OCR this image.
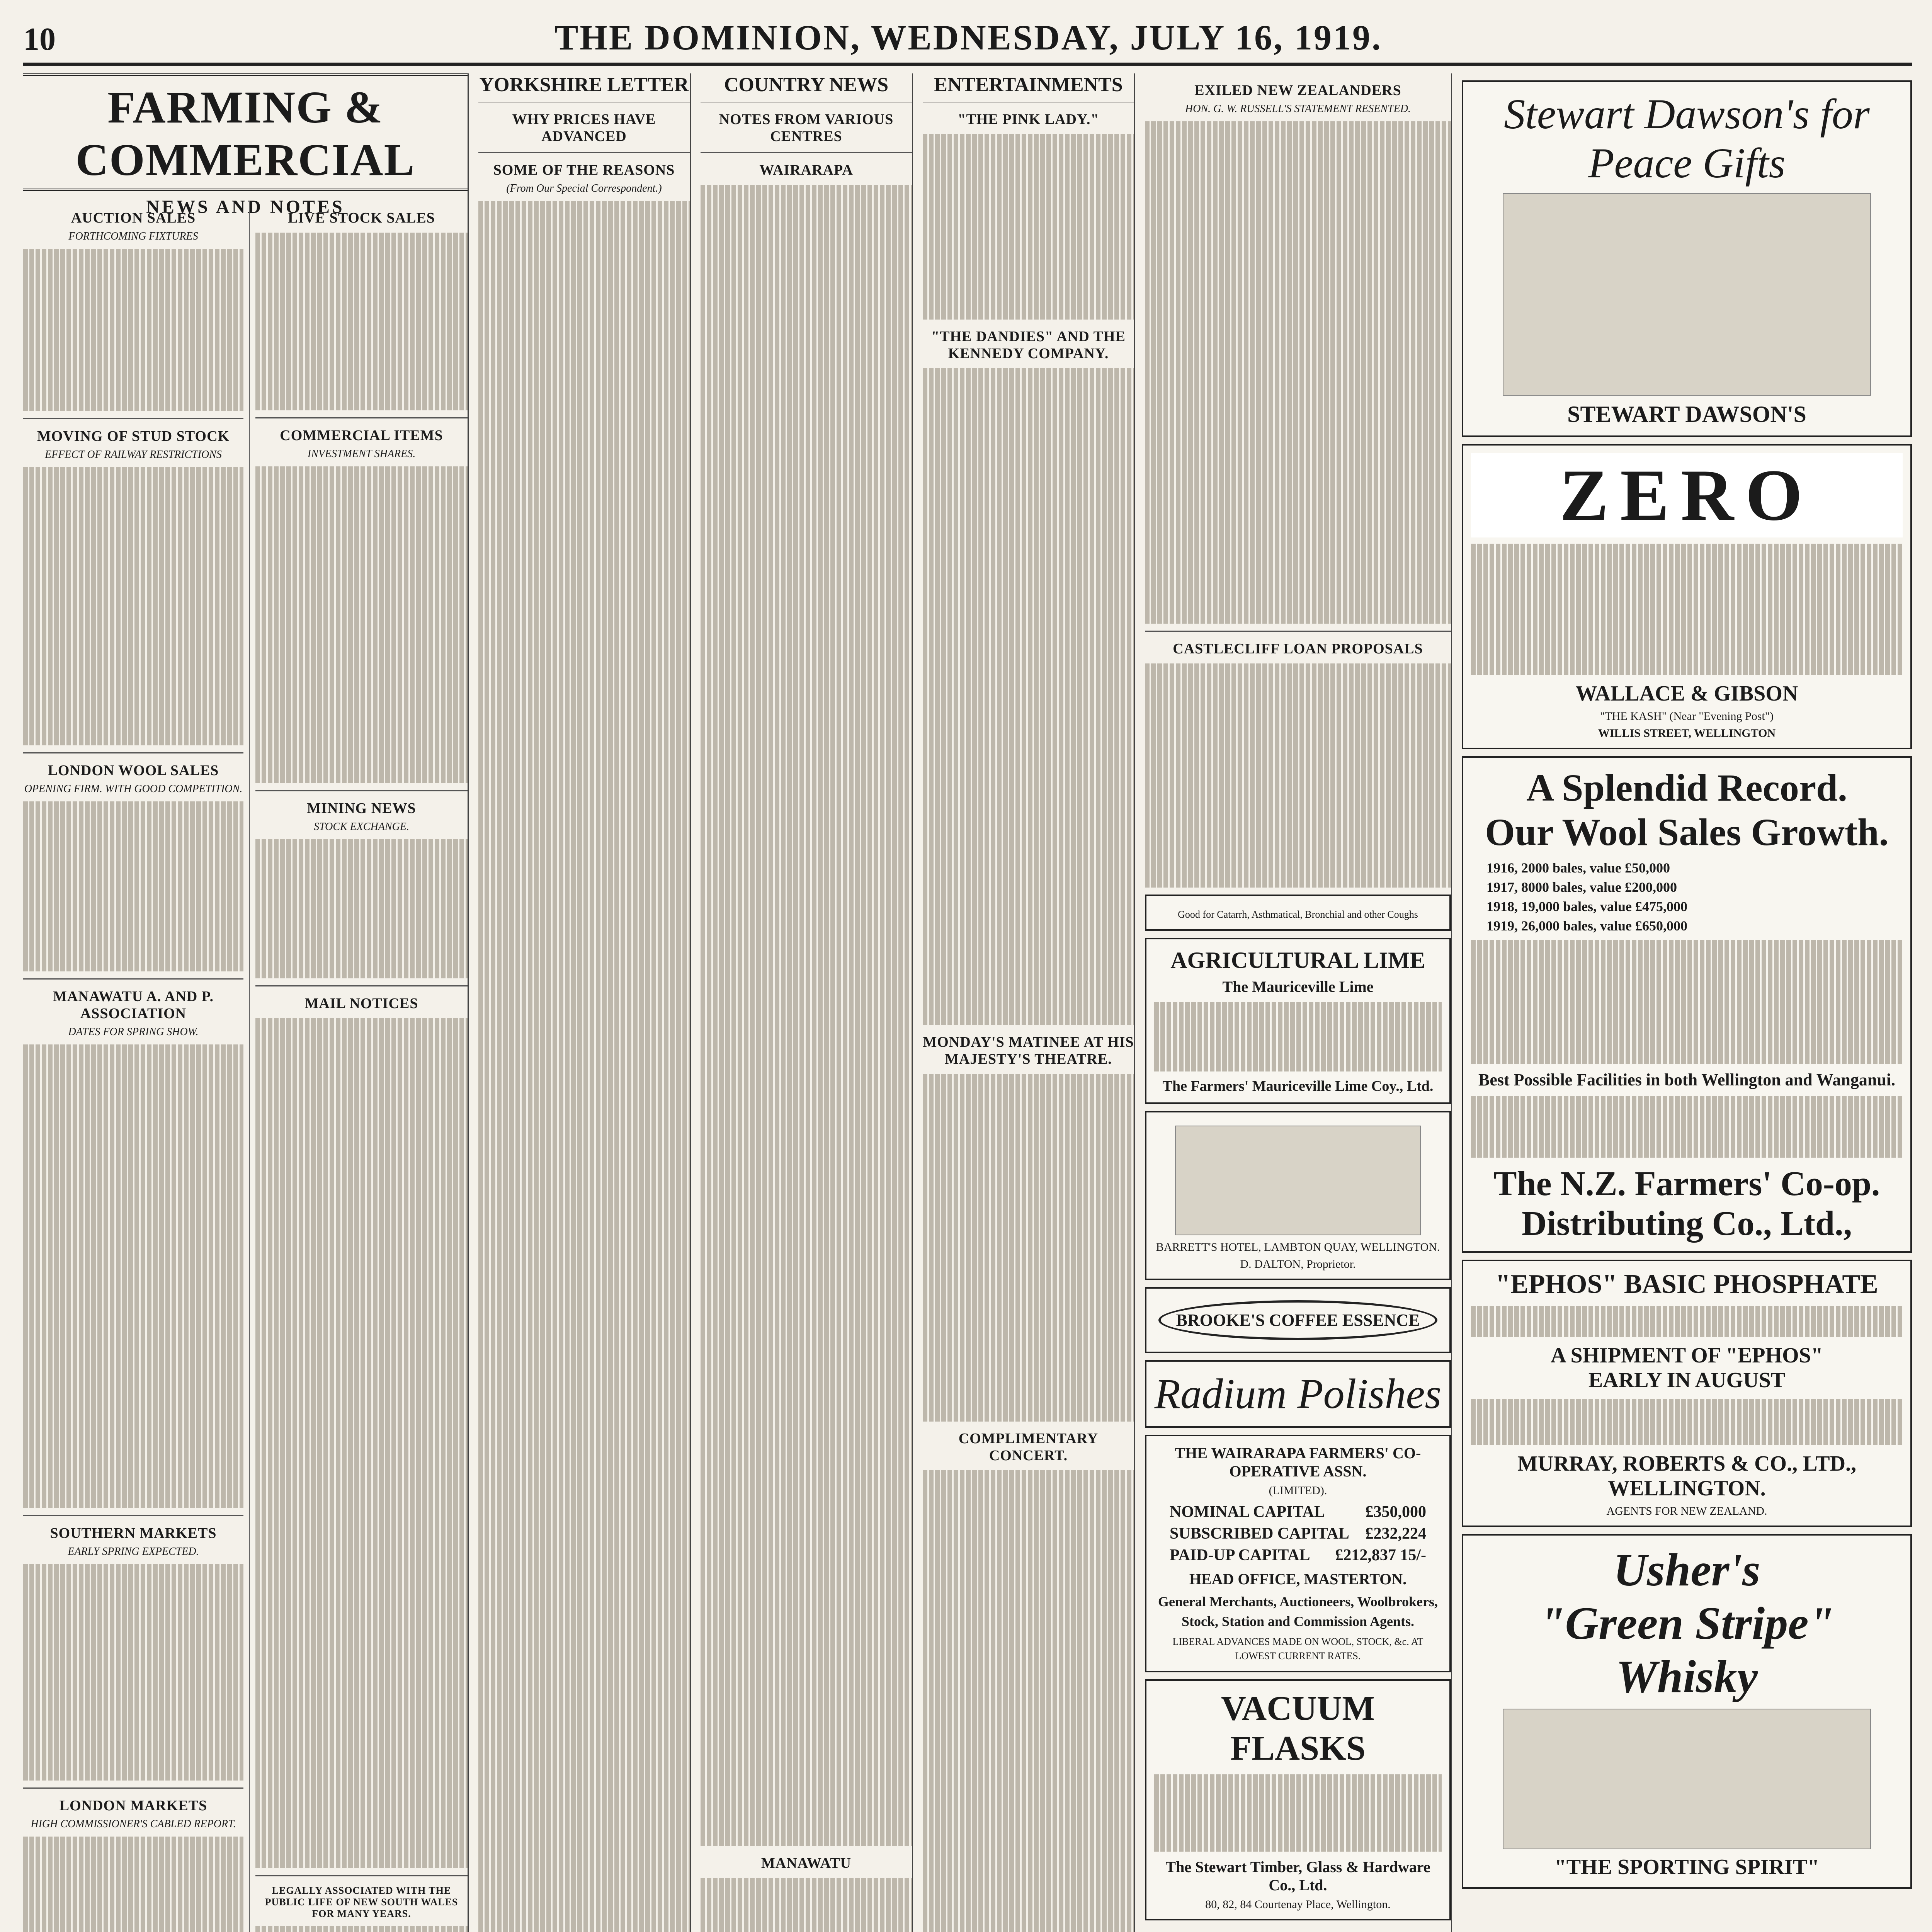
10	THE DOMINION, WEDNESDAY, JULY 16, 1919.
FARMING & COMMERCIAL
NEWS AND NOTES
AUCTION SALES
FORTHCOMING FIXTURES
MOVING OF STUD STOCK
EFFECT OF RAILWAY RESTRICTIONS
LONDON WOOL SALES
OPENING FIRM. WITH GOOD COMPETITION.
MANAWATU A. AND P. ASSOCIATION
DATES FOR SPRING SHOW.
SOUTHERN MARKETS
EARLY SPRING EXPECTED.
LONDON MARKETS
HIGH COMMISSIONER'S CABLED REPORT.
LIVE STOCK SALES
COMMERCIAL ITEMS
INVESTMENT SHARES.
MINING NEWS
STOCK EXCHANGE.
MAIL NOTICES
LEGALLY ASSOCIATED WITH THE PUBLIC LIFE OF NEW SOUTH WALES FOR MANY YEARS.
YORKSHIRE LETTER
WHY PRICES HAVE ADVANCED
SOME OF THE REASONS
(From Our Special Correspondent.)
COUNTRY NEWS
NOTES FROM VARIOUS CENTRES
WAIRARAPA
MANAWATU
ENTERTAINMENTS
"THE PINK LADY."
"THE DANDIES" AND THE KENNEDY COMPANY.
MONDAY'S MATINEE AT HIS MAJESTY'S THEATRE.
COMPLIMENTARY CONCERT.
EXILED NEW ZEALANDERS
HON. G. W. RUSSELL'S STATEMENT RESENTED.
CASTLECLIFF LOAN PROPOSALS
Good for Catarrh, Asthmatical, Bronchial and other Coughs
AGRICULTURAL LIME
The Mauriceville Lime
The Farmers' Mauriceville Lime Coy., Ltd.
BARRETT'S HOTEL, LAMBTON QUAY, WELLINGTON.
D. DALTON, Proprietor.
BROOKE'S COFFEE ESSENCE
Radium Polishes
THE WAIRARAPA FARMERS' CO-OPERATIVE ASSN.
(LIMITED).
NOMINAL CAPITAL £350,000
SUBSCRIBED CAPITAL £232,224
PAID-UP CAPITAL £212,837 15/-
HEAD OFFICE, MASTERTON.
General Merchants, Auctioneers, Woolbrokers, Stock, Station and Commission Agents.
LIBERAL ADVANCES MADE ON WOOL, STOCK, &c. AT LOWEST CURRENT RATES.
VACUUM FLASKS
The Stewart Timber, Glass & Hardware Co., Ltd.
80, 82, 84 Courtenay Place, Wellington.
Stewart Dawson's for Peace Gifts
STEWART DAWSON'S
ZERO
WALLACE & GIBSON
"THE KASH" (Near "Evening Post")
WILLIS STREET, WELLINGTON
A Splendid Record.
Our Wool Sales Growth.
1916, 2000 bales, value £50,000
1917, 8000 bales, value £200,000
1918, 19,000 bales, value £475,000
1919, 26,000 bales, value £650,000
Best Possible Facilities in both Wellington and Wanganui.
The N.Z. Farmers' Co-op. Distributing Co., Ltd.,
"EPHOS" BASIC PHOSPHATE
A SHIPMENT OF "EPHOS"
EARLY IN AUGUST
MURRAY, ROBERTS & CO., LTD., WELLINGTON.
AGENTS FOR NEW ZEALAND.
Usher's
"Green Stripe"
Whisky
"THE SPORTING SPIRIT"
